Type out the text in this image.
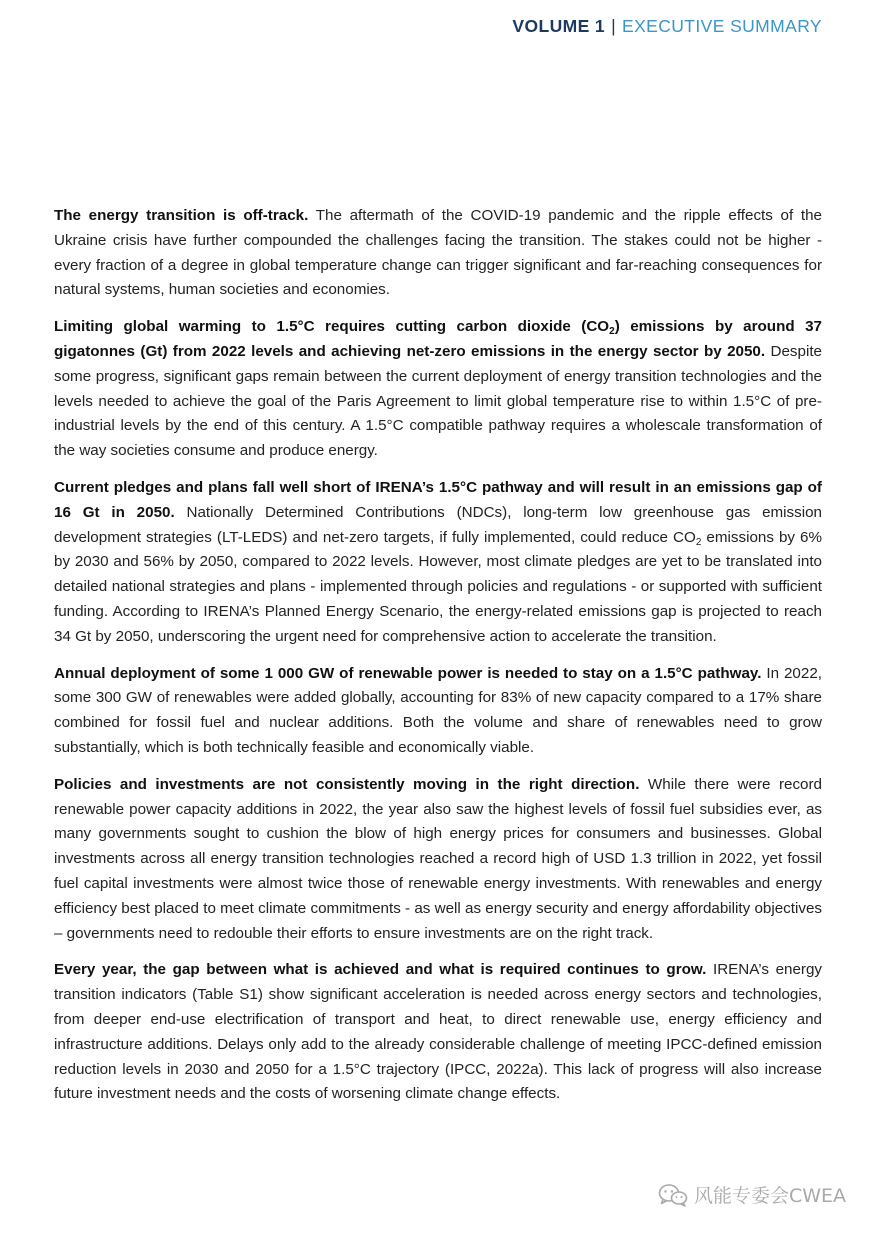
VOLUME 1 | EXECUTIVE SUMMARY

The energy transition is off-track. The aftermath of the COVID-19 pandemic and the ripple effects of the Ukraine crisis have further compounded the challenges facing the transition. The stakes could not be higher - every fraction of a degree in global temperature change can trigger significant and far-reaching consequences for natural systems, human societies and economies.

Limiting global warming to 1.5°C requires cutting carbon dioxide $(CO_2)$ emissions by around 37 gigatonnes (Gt) from 2022 levels and achieving net-zero emissions in the energy sector by 2050. Despite some progress, significant gaps remain between the current deployment of energy transition technologies and the levels needed to achieve the goal of the Paris Agreement to limit global temperature rise to within 1.5°C of pre-industrial levels by the end of this century. A 1.5°C compatible pathway requires a wholescale transformation of the way societies consume and produce energy.

Current pledges and plans fall well short of IRENA’s 1.5°C pathway and will result in an emissions gap of 16 Gt in 2050. Nationally Determined Contributions (NDCs), long-term low greenhouse gas emission development strategies (LT-LEDS) and net-zero targets, if fully implemented, could reduce $CO_2$ emissions by 6% by 2030 and 56% by 2050, compared to 2022 levels. However, most climate pledges are yet to be translated into detailed national strategies and plans - implemented through policies and regulations - or supported with sufficient funding. According to IRENA’s Planned Energy Scenario, the energy-related emissions gap is projected to reach 34 Gt by 2050, underscoring the urgent need for comprehensive action to accelerate the transition.

Annual deployment of some 1 000 GW of renewable power is needed to stay on a 1.5°C pathway. In 2022, some 300 GW of renewables were added globally, accounting for 83% of new capacity compared to a 17% share combined for fossil fuel and nuclear additions. Both the volume and share of renewables need to grow substantially, which is both technically feasible and economically viable.

Policies and investments are not consistently moving in the right direction. While there were record renewable power capacity additions in 2022, the year also saw the highest levels of fossil fuel subsidies ever, as many governments sought to cushion the blow of high energy prices for consumers and businesses. Global investments across all energy transition technologies reached a record high of USD 1.3 trillion in 2022, yet fossil fuel capital investments were almost twice those of renewable energy investments. With renewables and energy efficiency best placed to meet climate commitments - as well as energy security and energy affordability objectives – governments need to redouble their efforts to ensure investments are on the right track.

Every year, the gap between what is achieved and what is required continues to grow. IRENA’s energy transition indicators (Table S1) show significant acceleration is needed across energy sectors and technologies, from deeper end-use electrification of transport and heat, to direct renewable use, energy efficiency and infrastructure additions. Delays only add to the already considerable challenge of meeting IPCC-defined emission reduction levels in 2030 and 2050 for a 1.5°C trajectory (IPCC, 2022a). This lack of progress will also increase future investment needs and the costs of worsening climate change effects.

风能专委会CWEA
